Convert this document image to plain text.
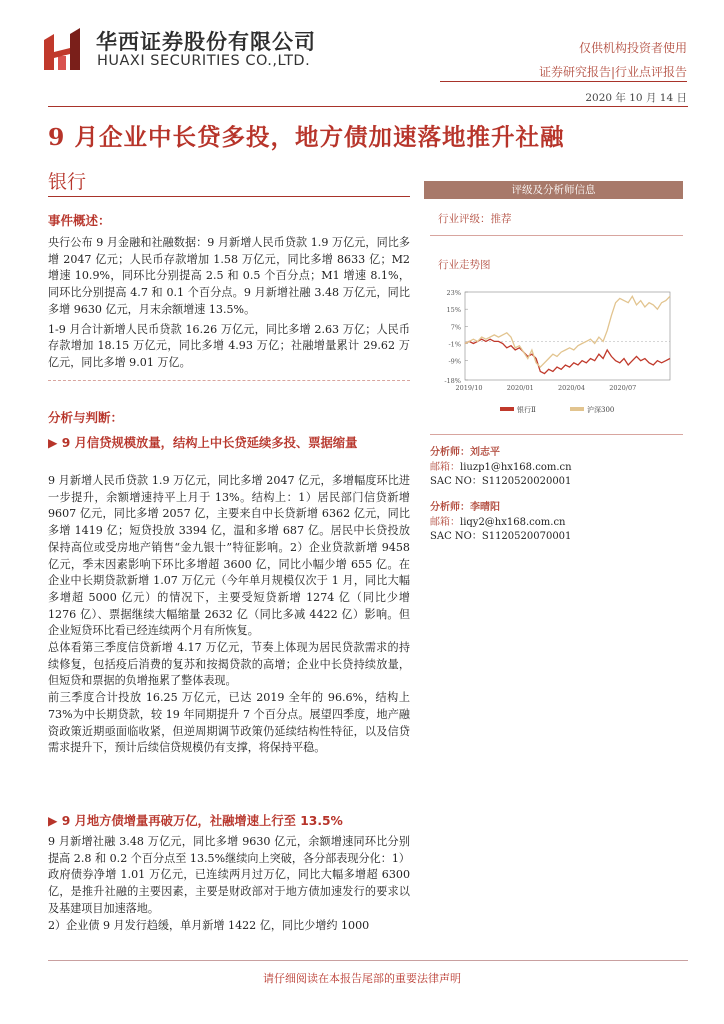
华西证券股份有限公司
HUAXI SECURITIES CO.,LTD.
仅供机构投资者使用
证券研究报告|行业点评报告
2020 年 10 月 14 日
9 月企业中长贷多投，地方债加速落地推升社融
银行
事件概述：

央行公布 9 月金融和社融数据：9 月新增人民币贷款 1.9 万亿元，同比多增 2047 亿元；人民币存款增加 1.58 万亿元，同比多增 8633 亿；M2 增速 10.9%，同环比分别提高 2.5 和 0.5 个百分点；M1 增速 8.1%，同环比分别提高 4.7 和 0.1 个百分点。9 月新增社融 3.48 万亿元，同比多增 9630 亿元，月末余额增速 13.5%。

1-9 月合计新增人民币贷款 16.26 万亿元，同比多增 2.63 万亿；人民币存款增加 18.15 万亿元，同比多增 4.93 万亿；社融增量累计 29.62 万亿元，同比多增 9.01 万亿。

分析与判断：
▶ 9 月信贷规模放量，结构上中长贷延续多投、票据缩量

9 月新增人民币贷款 1.9 万亿元，同比多增 2047 亿元，多增幅度环比进一步提升，余额增速持平上月于 13%。结构上：1）居民部门信贷新增 9607 亿元，同比多增 2057 亿，主要来自中长贷新增 6362 亿元，同比多增 1419 亿；短贷投放 3394 亿，温和多增 687 亿。居民中长贷投放保持高位或受房地产销售“金九银十”特征影响。2）企业贷款新增 9458 亿元，季末因素影响下环比多增超 3600 亿，同比小幅少增 655 亿。在企业中长期贷款新增 1.07 万亿元（今年单月规模仅次于 1 月，同比大幅多增超 5000 亿元）的情况下，主要受短贷新增 1274 亿（同比少增 1276 亿）、票据继续大幅缩量 2632 亿（同比多减 4422 亿）影响。但企业短贷环比看已经连续两个月有所恢复。

总体看第三季度信贷新增 4.17 万亿元，节奏上体现为居民贷款需求的持续修复，包括疫后消费的复苏和按揭贷款的高增；企业中长贷持续放量，但短贷和票据的负增拖累了整体表现。

前三季度合计投放 16.25 万亿元，已达 2019 全年的 96.6%，结构上 73%为中长期贷款，较 19 年同期提升 7 个百分点。展望四季度，地产融资政策近期亟面临收紧，但逆周期调节政策仍延续结构性特征，以及信贷需求提升下，预计后续信贷规模仍有支撑，将保持平稳。

▶ 9 月地方债增量再破万亿，社融增速上行至 13.5%

9 月新增社融 3.48 万亿元，同比多增 9630 亿元，余额增速同环比分别提高 2.8 和 0.2 个百分点至 13.5%继续向上突破，各分部表现分化：1）政府债券净增 1.01 万亿元，已连续两月过万亿，同比大幅多增超 6300 亿，是推升社融的主要因素，主要是财政部对于地方债加速发行的要求以及基建项目加速落地。

2）企业债 9 月发行趋缓，单月新增 1422 亿，同比少增约 1000

评级及分析师信息
行业评级：推荐
行业走势图
23%
15%
7%
-1%
-9%
-18%
2019/10	2020/01	2020/04	2020/07
银行Ⅱ	沪深300
分析师：刘志平
邮箱：liuzp1@hx168.com.cn
SAC NO：S1120520020001
分析师：李晴阳
邮箱：liqy2@hx168.com.cn
SAC NO：S1120520070001
请仔细阅读在本报告尾部的重要法律声明
